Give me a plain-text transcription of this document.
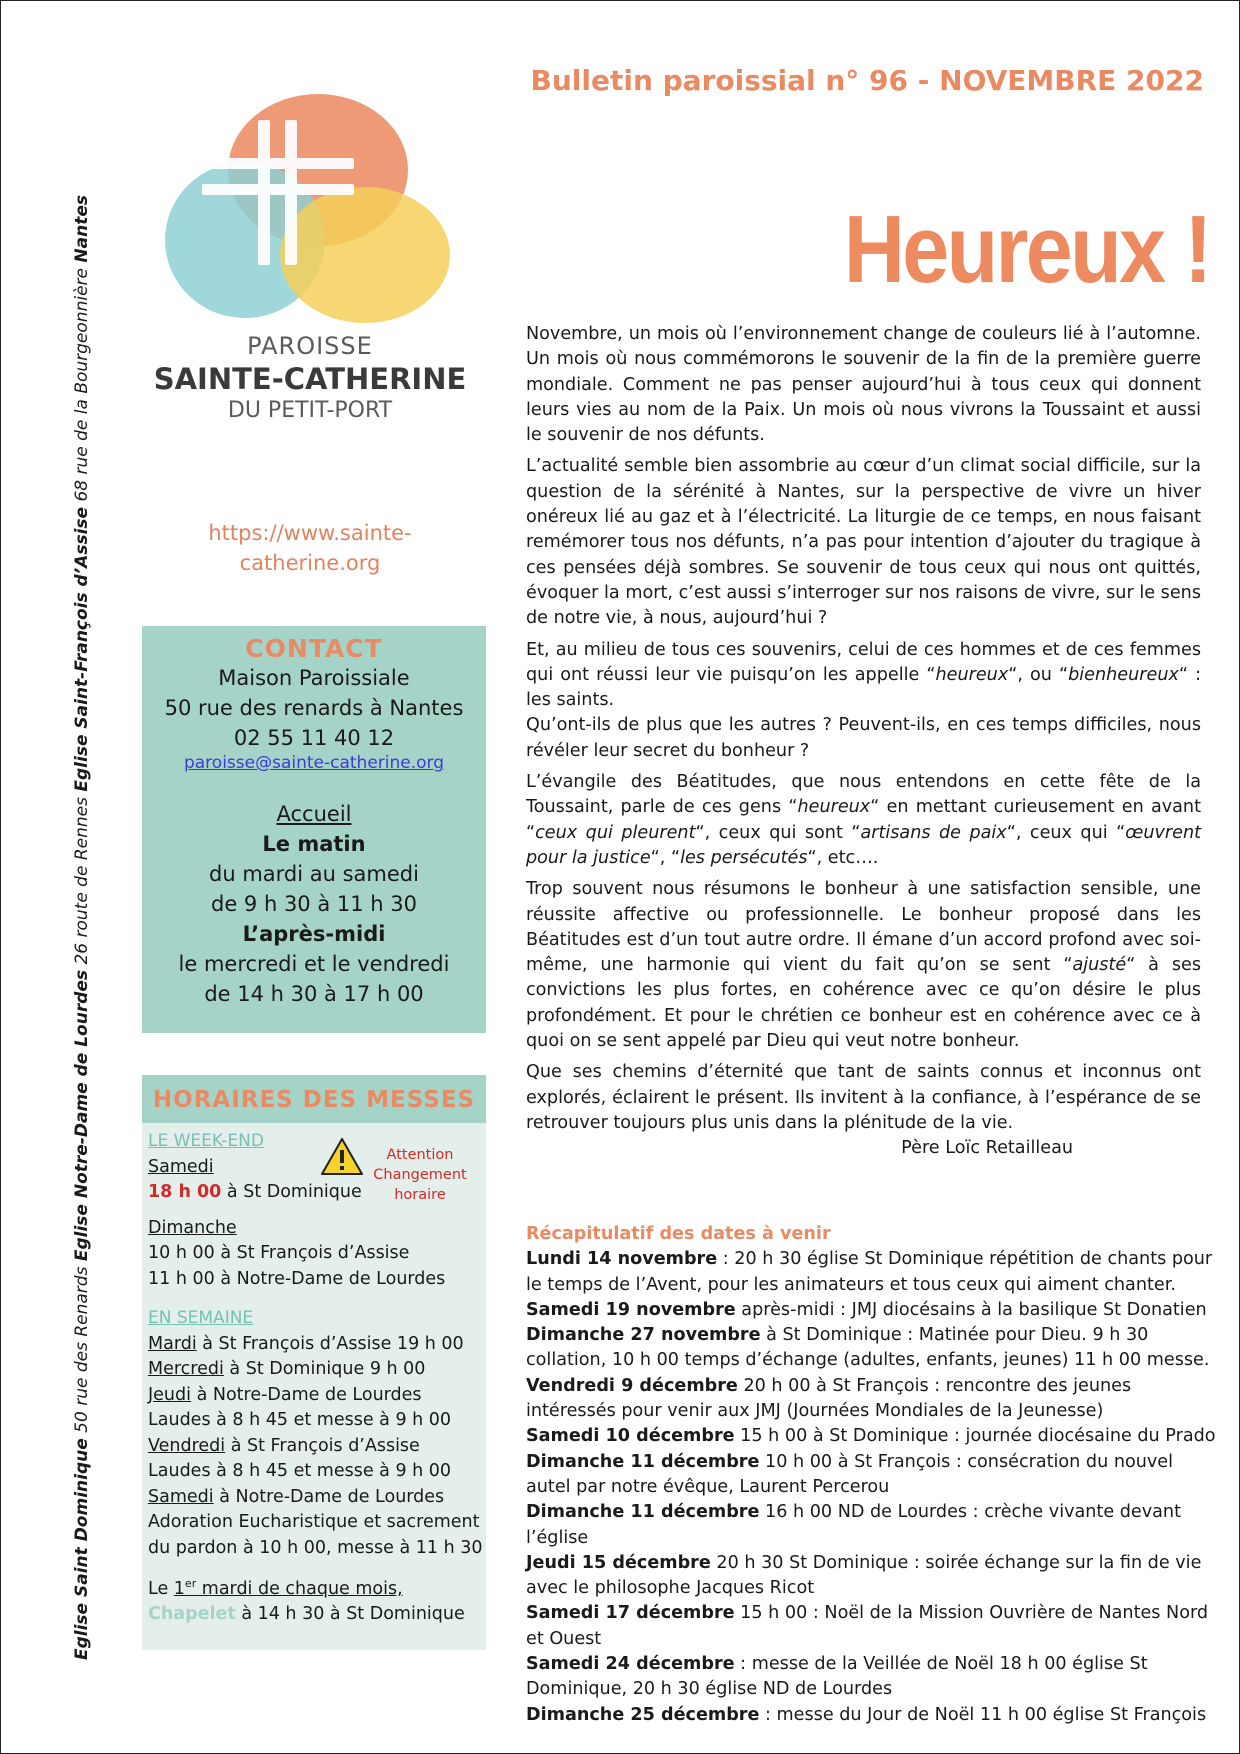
Eglise Saint Dominique 50 rue des Renards Eglise Notre-Dame de Lourdes 26 route de Rennes Eglise Saint-François d’Assise 68 rue de la Bourgeonnière Nantes
Bulletin paroissial n° 96 - NOVEMBRE 2022
Heureux !
PAROISSE
SAINTE-CATHERINE
DU PETIT-PORT
https://www.sainte-
catherine.org
CONTACT
Maison Paroissiale
50 rue des renards à Nantes
02 55 11 40 12
paroisse@sainte-catherine.org
Accueil
Le matin
du mardi au samedi
de 9 h 30 à 11 h 30
L’après-midi
le mercredi et le vendredi
de 14 h 30 à 17 h 00
HORAIRES DES MESSES
LE WEEK-END
Samedi
18 h 00 à St Dominique
Dimanche
10 h 00 à St François d’Assise
11 h 00 à Notre-Dame de Lourdes
EN SEMAINE
Mardi à St François d’Assise 19 h 00
Mercredi à St Dominique 9 h 00
Jeudi à Notre-Dame de Lourdes
Laudes à 8 h 45 et messe à 9 h 00
Vendredi à St François d’Assise
Laudes à 8 h 45 et messe à 9 h 00
Samedi à Notre-Dame de Lourdes
Adoration Eucharistique et sacrement
du pardon à 10 h 00, messe à 11 h 30
Le 1er mardi de chaque mois,
Chapelet à 14 h 30 à St Dominique
Attention
Changement
horaire

Novembre, un mois où l’environnement change de couleurs lié à l’automne. Un mois où nous commémorons le souvenir de la fin de la première guerre mondiale. Comment ne pas penser aujourd’hui à tous ceux qui donnent leurs vies au nom de la Paix. Un mois où nous vivrons la Toussaint et aussi le souvenir de nos défunts.

L’actualité semble bien assombrie au cœur d’un climat social difficile, sur la question de la sérénité à Nantes, sur la perspective de vivre un hiver onéreux lié au gaz et à l’électricité. La liturgie de ce temps, en nous faisant remémorer tous nos défunts, n’a pas pour intention d’ajouter du tragique à ces pensées déjà sombres. Se souvenir de tous ceux qui nous ont quittés, évoquer la mort, c’est aussi s’interroger sur nos raisons de vivre, sur le sens de notre vie, à nous, aujourd’hui ?

Et, au milieu de tous ces souvenirs, celui de ces hommes et de ces femmes qui ont réussi leur vie puisqu’on les appelle “heureux“, ou “bienheureux“ : les saints.

Qu’ont-ils de plus que les autres ? Peuvent-ils, en ces temps difficiles, nous révéler leur secret du bonheur ?

L’évangile des Béatitudes, que nous entendons en cette fête de la Toussaint, parle de ces gens “heureux“ en mettant curieusement en avant “ceux qui pleurent“, ceux qui sont “artisans de paix“, ceux qui “œuvrent pour la justice“, “les persécutés“, etc….

Trop souvent nous résumons le bonheur à une satisfaction sensible, une réussite affective ou professionnelle. Le bonheur proposé dans les Béatitudes est d’un tout autre ordre. Il émane d’un accord profond avec soi-même, une harmonie qui vient du fait qu’on se sent “ajusté“ à ses convictions les plus fortes, en cohérence avec ce qu’on désire le plus profondément. Et pour le chrétien ce bonheur est en cohérence avec ce à quoi on se sent appelé par Dieu qui veut notre bonheur.

Que ses chemins d’éternité que tant de saints connus et inconnus ont explorés, éclairent le présent. Ils invitent à la confiance, à l’espérance de se retrouver toujours plus unis dans la plénitude de la vie.

Père Loïc Retailleau
Récapitulatif des dates à venir
Lundi 14 novembre : 20 h 30 église St Dominique répétition de chants pour le temps de l’Avent, pour les animateurs et tous ceux qui aiment chanter.
Samedi 19 novembre après-midi : JMJ diocésains à la basilique St Donatien
Dimanche 27 novembre à St Dominique : Matinée pour Dieu. 9 h 30 collation, 10 h 00 temps d’échange (adultes, enfants, jeunes) 11 h 00 messe.
Vendredi 9 décembre 20 h 00 à St François : rencontre des jeunes intéressés pour venir aux JMJ (Journées Mondiales de la Jeunesse)
Samedi 10 décembre 15 h 00 à St Dominique : journée diocésaine du Prado
Dimanche 11 décembre 10 h 00 à St François : consécration du nouvel autel par notre évêque, Laurent Percerou
Dimanche 11 décembre 16 h 00 ND de Lourdes : crèche vivante devant l’église
Jeudi 15 décembre 20 h 30 St Dominique : soirée échange sur la fin de vie avec le philosophe Jacques Ricot
Samedi 17 décembre 15 h 00 : Noël de la Mission Ouvrière de Nantes Nord et Ouest
Samedi 24 décembre : messe de la Veillée de Noël 18 h 00 église St Dominique, 20 h 30 église ND de Lourdes
Dimanche 25 décembre : messe du Jour de Noël 11 h 00 église St François
